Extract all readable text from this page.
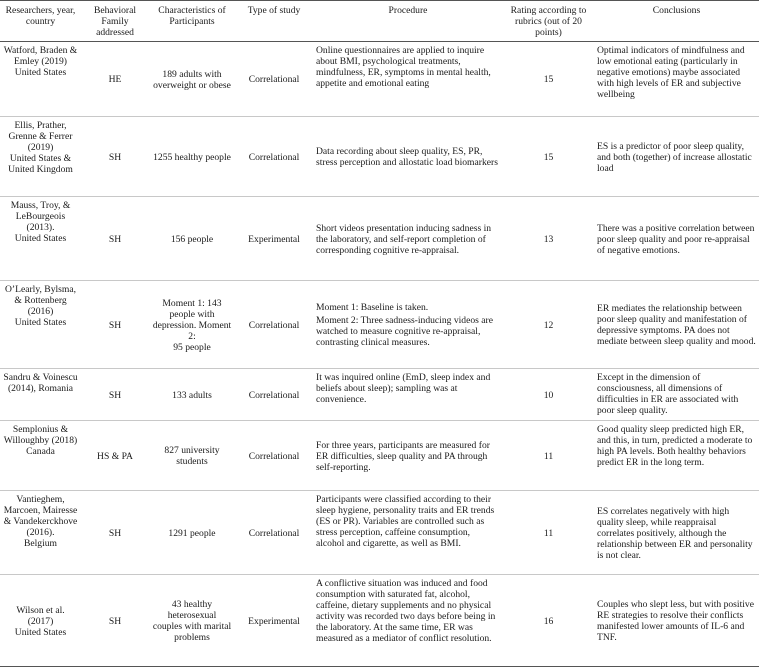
Researchers, year, country	Behavioral Family addressed	Characteristics of Participants	Type of study	Procedure	Rating according to rubrics (out of 20 points)	Conclusions

Watford, Braden & Emley (2019)
United States	HE	189 adults with overweight or obese	Correlational	Online questionnaires are applied to inquire about BMI, psychological treatments, mindfulness, ER, symptoms in mental health, appetite and emotional eating	15	Optimal indicators of mindfulness and low emotional eating (particularly in negative emotions) maybe associated with high levels of ER and subjective wellbeing

Ellis, Prather, Grenne & Ferrer (2019)
United States & United Kingdom	SH	1255 healthy people	Correlational	Data recording about sleep quality, ES, PR, stress perception and allostatic load biomarkers	15	ES is a predictor of poor sleep quality, and both (together) of increase allostatic load

Mauss, Troy, & LeBourgeois (2013).
United States	SH	156 people	Experimental	Short videos presentation inducing sadness in the laboratory, and self-report completion of corresponding cognitive re-appraisal.	13	There was a positive correlation between poor sleep quality and poor re-appraisal of negative emotions.

O’Learly, Bylsma, & Rottenberg (2016)
United States	SH	Moment 1: 143 people with depression. Moment 2:
95 people	Correlational	Moment 1: Baseline is taken.
Moment 2: Three sadness-inducing videos are watched to measure cognitive re-appraisal, contrasting clinical measures.	12	ER mediates the relationship between poor sleep quality and manifestation of depressive symptoms. PA does not mediate between sleep quality and mood.
Sandru & Voinescu (2014), Romania	SH	133 adults	Correlational	It was inquired online (EmD, sleep index and beliefs about sleep); sampling was at convenience.	10	Except in the dimension of consciousness, all dimensions of difficulties in ER are associated with poor sleep quality.

Semplonius & Willoughby (2018)
Canada	HS & PA	827 university students	Correlational	For three years, participants are measured for ER difficulties, sleep quality and PA through self-reporting.	11	Good quality sleep predicted high ER, and this, in turn, predicted a moderate to high PA levels. Both healthy behaviors predict ER in the long term.

Vantieghem, Marcoen, Mairesse & Vandekerckhove (2016).
Belgium	SH	1291 people	Correlational	Participants were classified according to their sleep hygiene, personality traits and ER trends (ES or PR). Variables are controlled such as stress perception, caffeine consumption, alcohol and cigarette, as well as BMI.	11	ES correlates negatively with high quality sleep, while reappraisal correlates positively, although the relationship between ER and personality is not clear.

Wilson et al. (2017)
United States	SH	43 healthy heterosexual couples with marital problems	Experimental	A conflictive situation was induced and food consumption with saturated fat, alcohol, caffeine, dietary supplements and no physical activity was recorded two days before being in the laboratory. At the same time, ER was measured as a mediator of conflict resolution.	16	Couples who slept less, but with positive RE strategies to resolve their conflicts manifested lower amounts of IL-6 and TNF.
